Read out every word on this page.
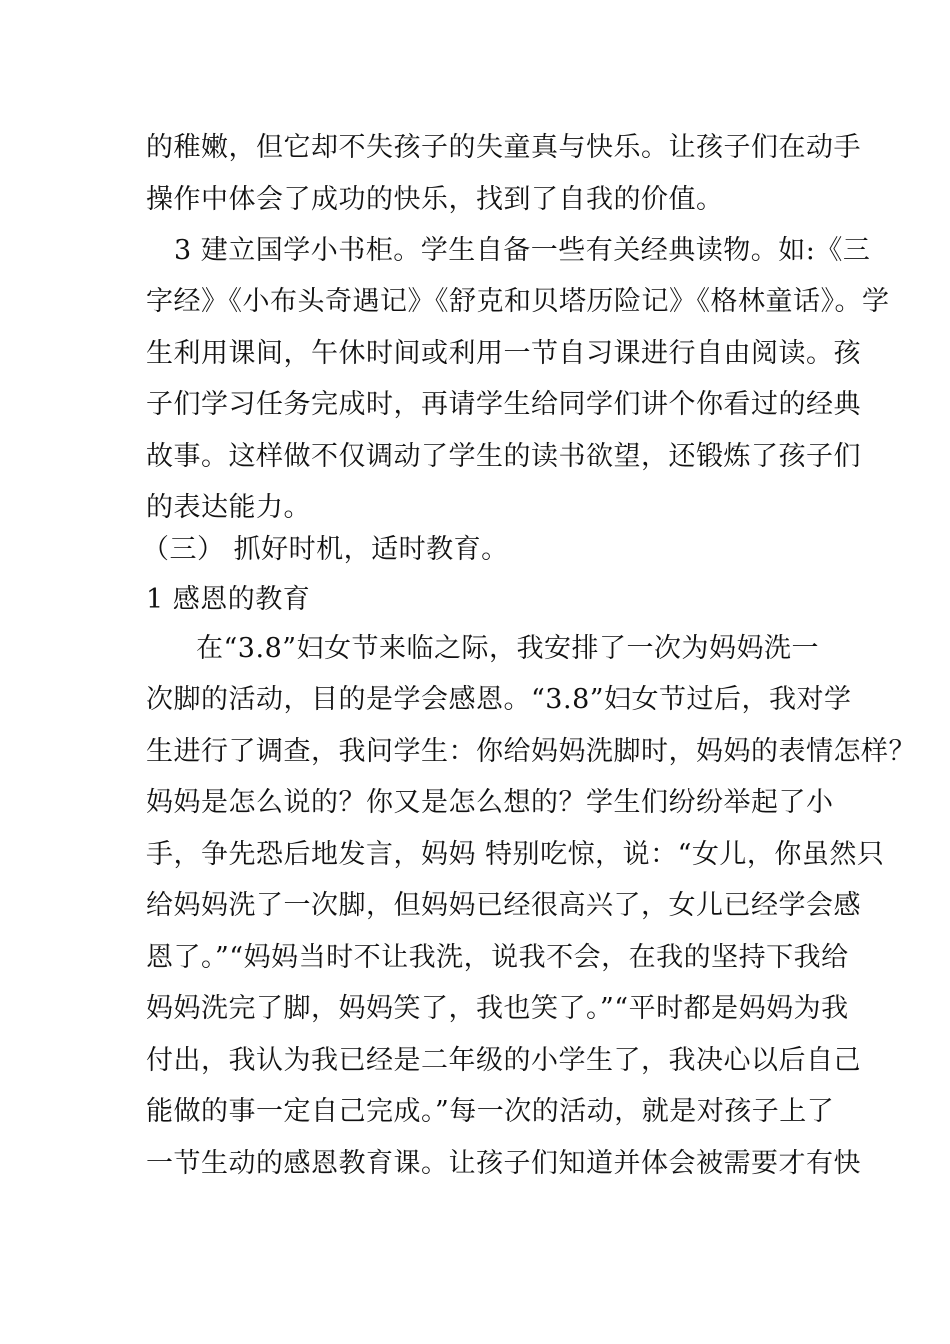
的稚嫩，但它却不失孩子的失童真与快乐。让孩子们在动手
操作中体会了成功的快乐，找到了自我的价值。
3 建立国学小书柜。学生自备一些有关经典读物。如:《三
字经》《小布头奇遇记》《舒克和贝塔历险记》《格林童话》。学
生利用课间，午休时间或利用一节自习课进行自由阅读。孩
子们学习任务完成时，再请学生给同学们讲个你看过的经典
故事。这样做不仅调动了学生的读书欲望，还锻炼了孩子们
的表达能力。
（三） 抓好时机，适时教育。
1 感恩的教育
在“3.8”妇女节来临之际，我安排了一次为妈妈洗一
次脚的活动，目的是学会感恩。“3.8”妇女节过后，我对学
生进行了调查，我问学生：你给妈妈洗脚时，妈妈的表情怎样？
妈妈是怎么说的？你又是怎么想的？学生们纷纷举起了小
手，争先恐后地发言，妈妈 特别吃惊，说：“女儿，你虽然只
给妈妈洗了一次脚，但妈妈已经很高兴了，女儿已经学会感
恩了。”“妈妈当时不让我洗，说我不会，在我的坚持下我给
妈妈洗完了脚，妈妈笑了，我也笑了。”“平时都是妈妈为我
付出，我认为我已经是二年级的小学生了，我决心以后自己
能做的事一定自己完成。”每一次的活动，就是对孩子上了
一节生动的感恩教育课。让孩子们知道并体会被需要才有快
